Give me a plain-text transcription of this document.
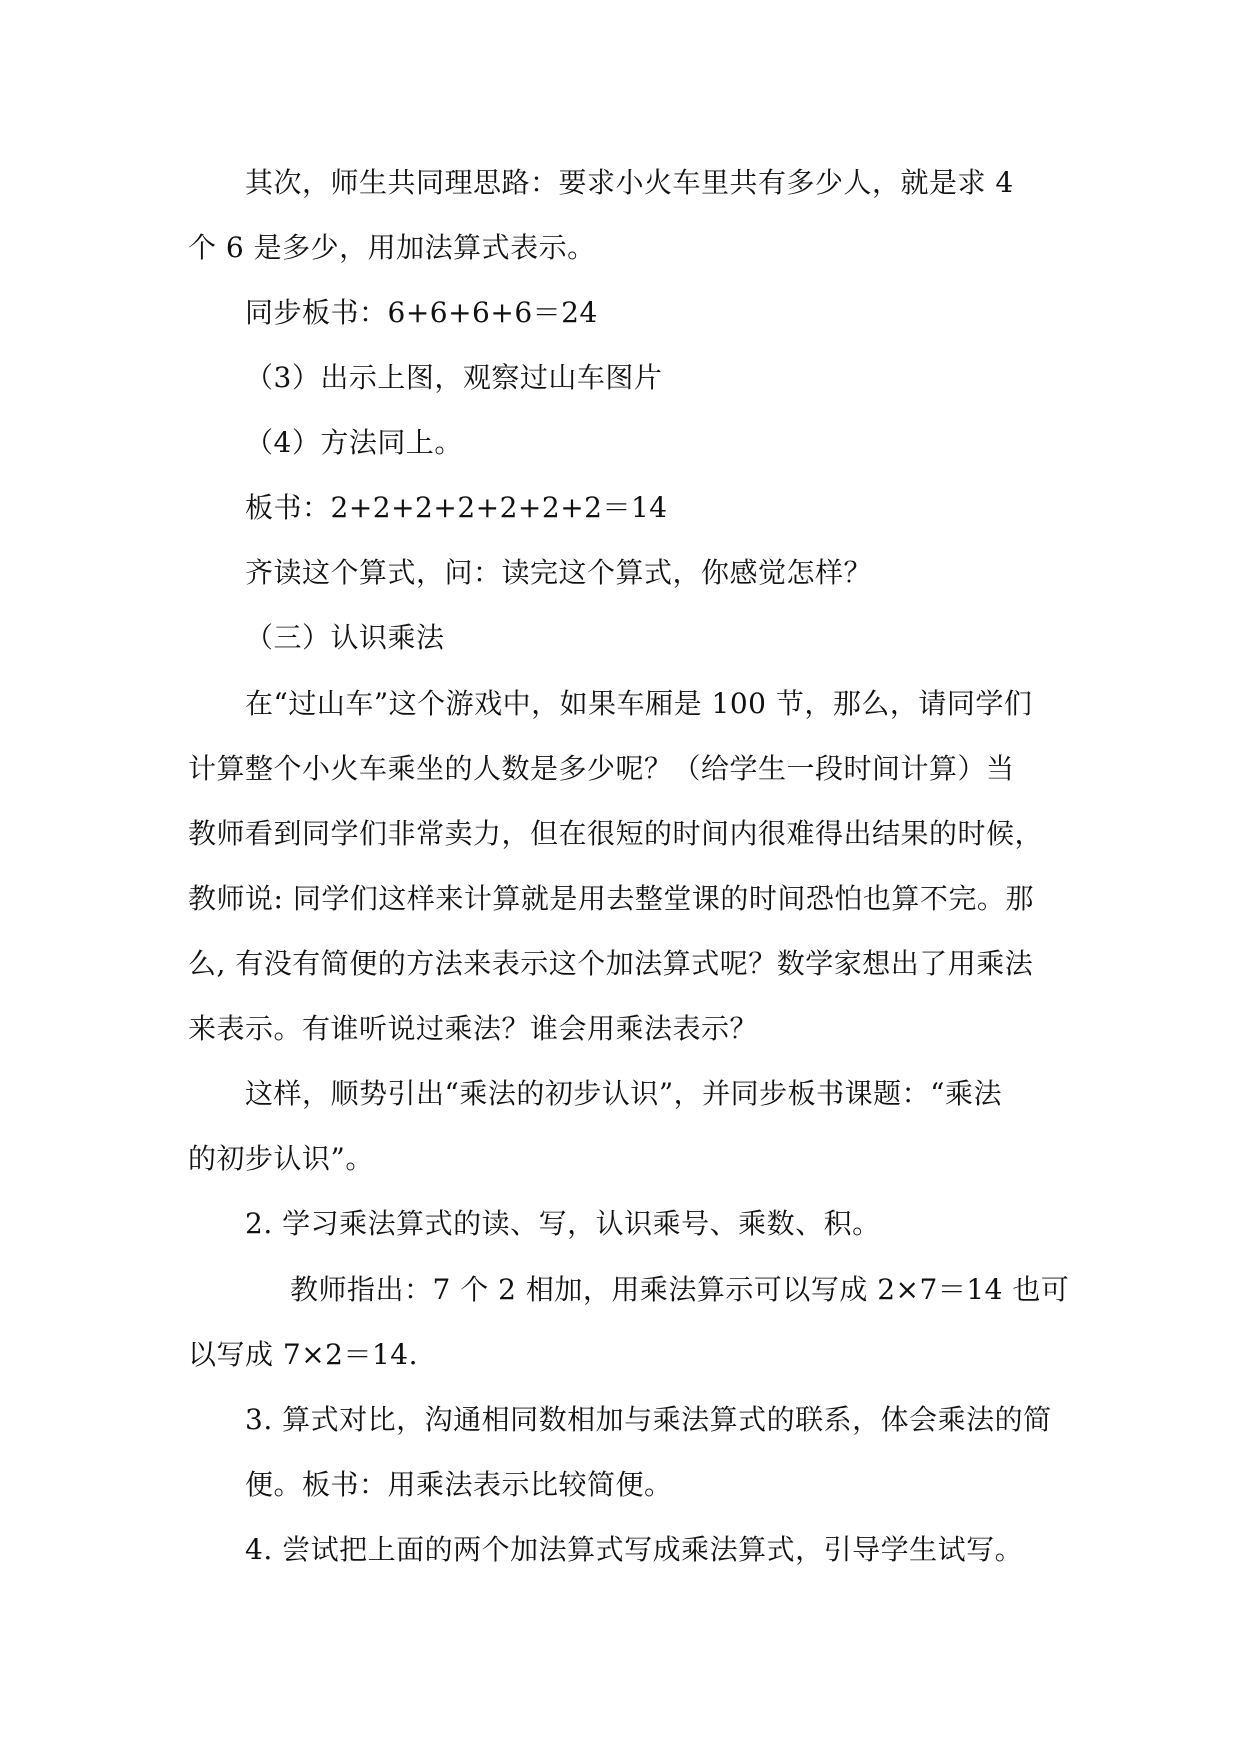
其次，师生共同理思路：要求小火车里共有多少人，就是求 4
个 6 是多少，用加法算式表示。
同步板书：6+6+6+6＝24
（3）出示上图，观察过山车图片
（4）方法同上。
板书：2+2+2+2+2+2+2＝14
齐读这个算式，问：读完这个算式，你感觉怎样？
（三）认识乘法
在“过山车”这个游戏中，如果车厢是 100 节，那么，请同学们
计算整个小火车乘坐的人数是多少呢？（给学生一段时间计算）当
教师看到同学们非常卖力，但在很短的时间内很难得出结果的时候，
教师说: 同学们这样来计算就是用去整堂课的时间恐怕也算不完。那
么, 有没有简便的方法来表示这个加法算式呢？数学家想出了用乘法
来表示。有谁听说过乘法？谁会用乘法表示？
这样，顺势引出“乘法的初步认识”，并同步板书课题：“乘法
的初步认识”。
2. 学习乘法算式的读、写，认识乘号、乘数、积。
教师指出：7 个 2 相加，用乘法算示可以写成 2×7＝14 也可
以写成 7×2＝14.
3. 算式对比，沟通相同数相加与乘法算式的联系，体会乘法的简
便。板书：用乘法表示比较简便。
4. 尝试把上面的两个加法算式写成乘法算式，引导学生试写。
